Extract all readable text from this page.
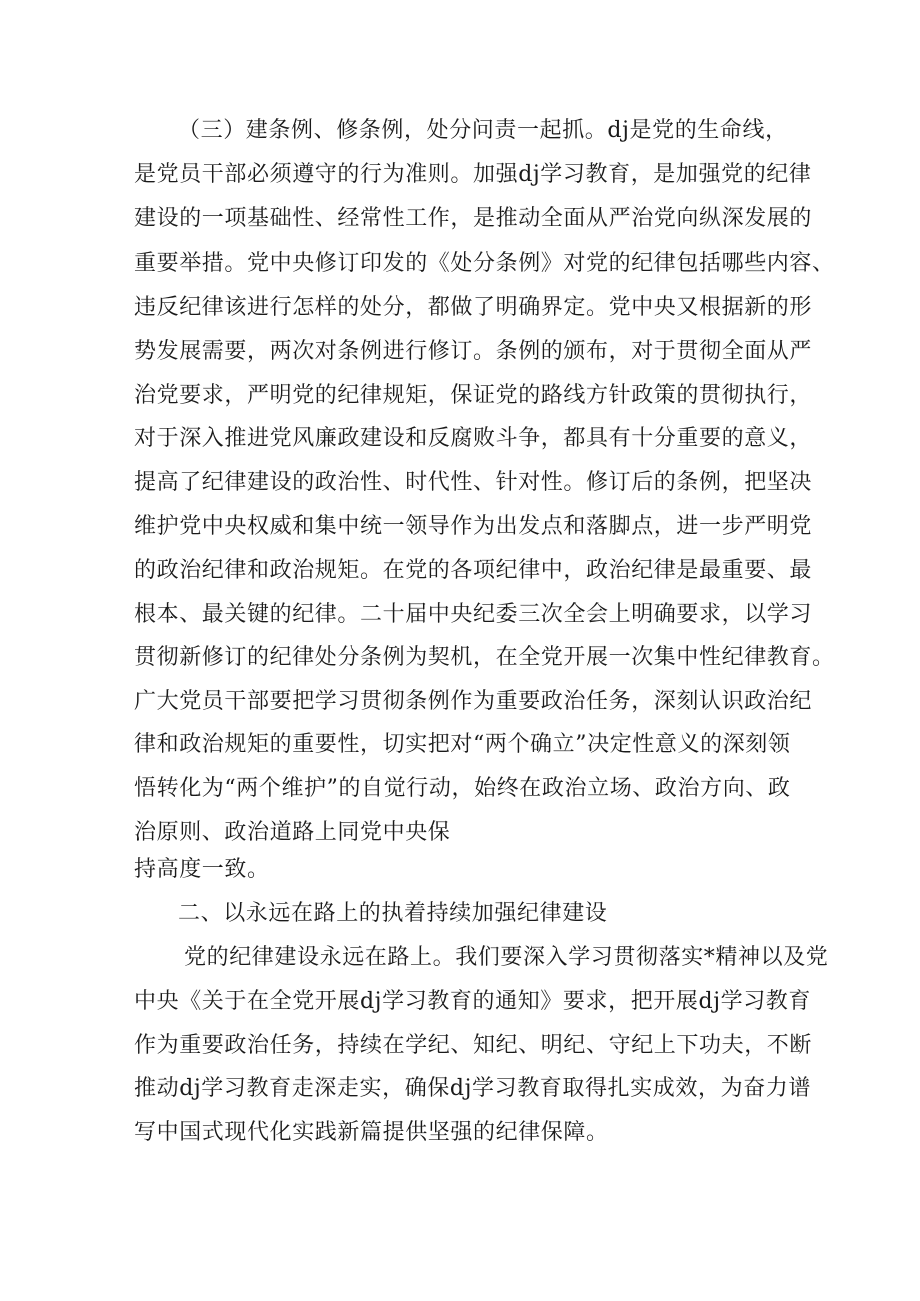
（三）建条例、修条例，处分问责一起抓。dj是党的生命线，

是党员干部必须遵守的行为准则。加强dj学习教育，是加强党的纪律

建设的一项基础性、经常性工作，是推动全面从严治党向纵深发展的

重要举措。党中央修订印发的《处分条例》对党的纪律包括哪些内容、

违反纪律该进行怎样的处分，都做了明确界定。党中央又根据新的形

势发展需要，两次对条例进行修订。条例的颁布，对于贯彻全面从严

治党要求，严明党的纪律规矩，保证党的路线方针政策的贯彻执行，

对于深入推进党风廉政建设和反腐败斗争，都具有十分重要的意义，

提高了纪律建设的政治性、时代性、针对性。修订后的条例，把坚决

维护党中央权威和集中统一领导作为出发点和落脚点，进一步严明党

的政治纪律和政治规矩。在党的各项纪律中，政治纪律是最重要、最

根本、最关键的纪律。二十届中央纪委三次全会上明确要求，以学习

贯彻新修订的纪律处分条例为契机，在全党开展一次集中性纪律教育。

广大党员干部要把学习贯彻条例作为重要政治任务，深刻认识政治纪

律和政治规矩的重要性，切实把对“两个确立”决定性意义的深刻领

悟转化为“两个维护”的自觉行动，始终在政治立场、政治方向、政

治原则、政治道路上同党中央保

持高度一致。

二、以永远在路上的执着持续加强纪律建设

党的纪律建设永远在路上。我们要深入学习贯彻落实*精神以及党

中央《关于在全党开展dj学习教育的通知》要求，把开展dj学习教育

作为重要政治任务，持续在学纪、知纪、明纪、守纪上下功夫，不断

推动dj学习教育走深走实，确保dj学习教育取得扎实成效，为奋力谱

写中国式现代化实践新篇提供坚强的纪律保障。
